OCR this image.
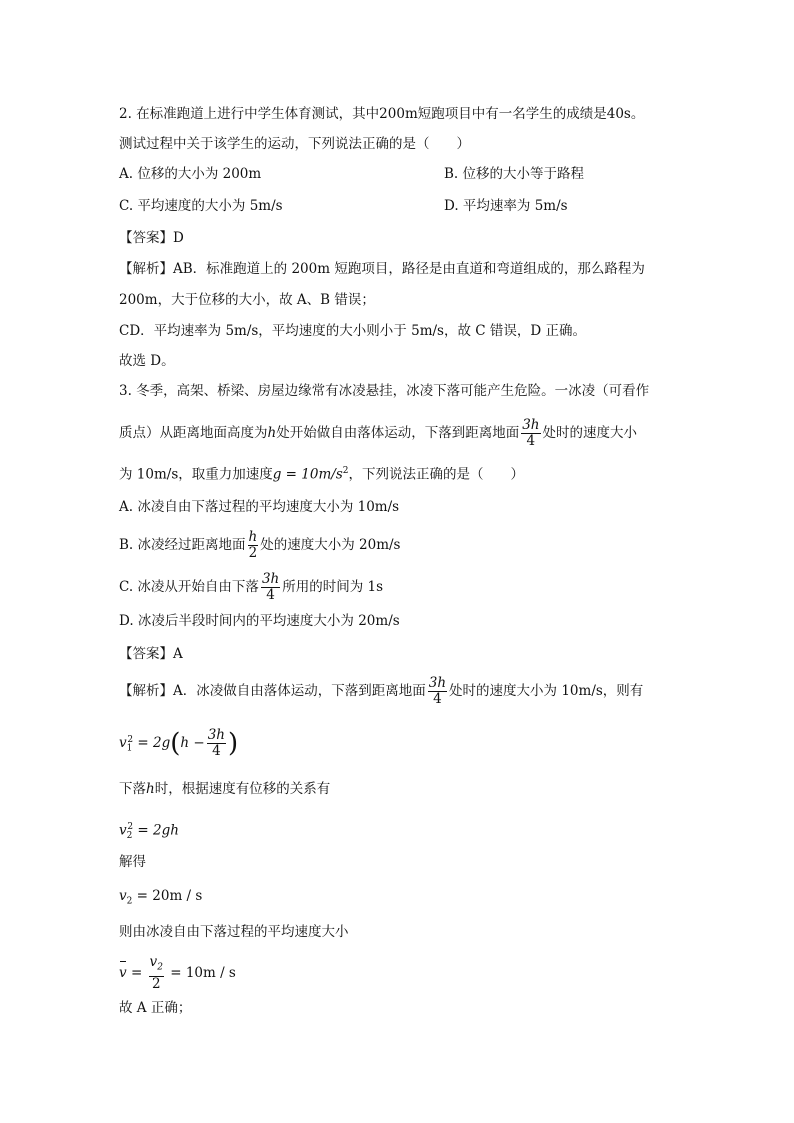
2. 在标准跑道上进行中学生体育测试，其中200m短跑项目中有一名学生的成绩是40s。
测试过程中关于该学生的运动，下列说法正确的是（　　）
A. 位移的大小为 200m	B. 位移的大小等于路程
C. 平均速度的大小为 5m/s	D. 平均速率为 5m/s
【答案】D
【解析】AB．标准跑道上的 200m 短跑项目，路径是由直道和弯道组成的，那么路程为
200m，大于位移的大小，故 A、B 错误；
CD．平均速率为 5m/s，平均速度的大小则小于 5m/s，故 C 错误，D 正确。
故选 D。
3. 冬季，高架、桥梁、房屋边缘常有冰凌悬挂，冰凌下落可能产生危险。一冰凌（可看作
质点）从距离地面高度为h处开始做自由落体运动，下落到距离地面 $\frac{3h}{4}$ 处时的速度大小
为 10m/s，取重力加速度$g = 10m/s^2$，下列说法正确的是（　　）
A. 冰凌自由下落过程的平均速度大小为 10m/s
B. 冰凌经过距离地面 $\frac{h}{2}$ 处的速度大小为 20m/s
C. 冰凌从开始自由下落 $\frac{3h}{4}$ 所用的时间为 1s
D. 冰凌后半段时间内的平均速度大小为 20m/s
【答案】A
【解析】A．冰凌做自由落体运动，下落到距离地面 $\frac{3h}{4}$ 处时的速度大小为 10m/s，则有
$v_1^2 = 2g(h - \frac{3h}{4}$ )
下落h时，根据速度有位移的关系有
$v_2^2 = 2gh$
解得
$v_2 = 20m / s$
则由冰凌自由下落过程的平均速度大小
$v = \frac{v_2}{2} = 10m / s$
故 A 正确；
